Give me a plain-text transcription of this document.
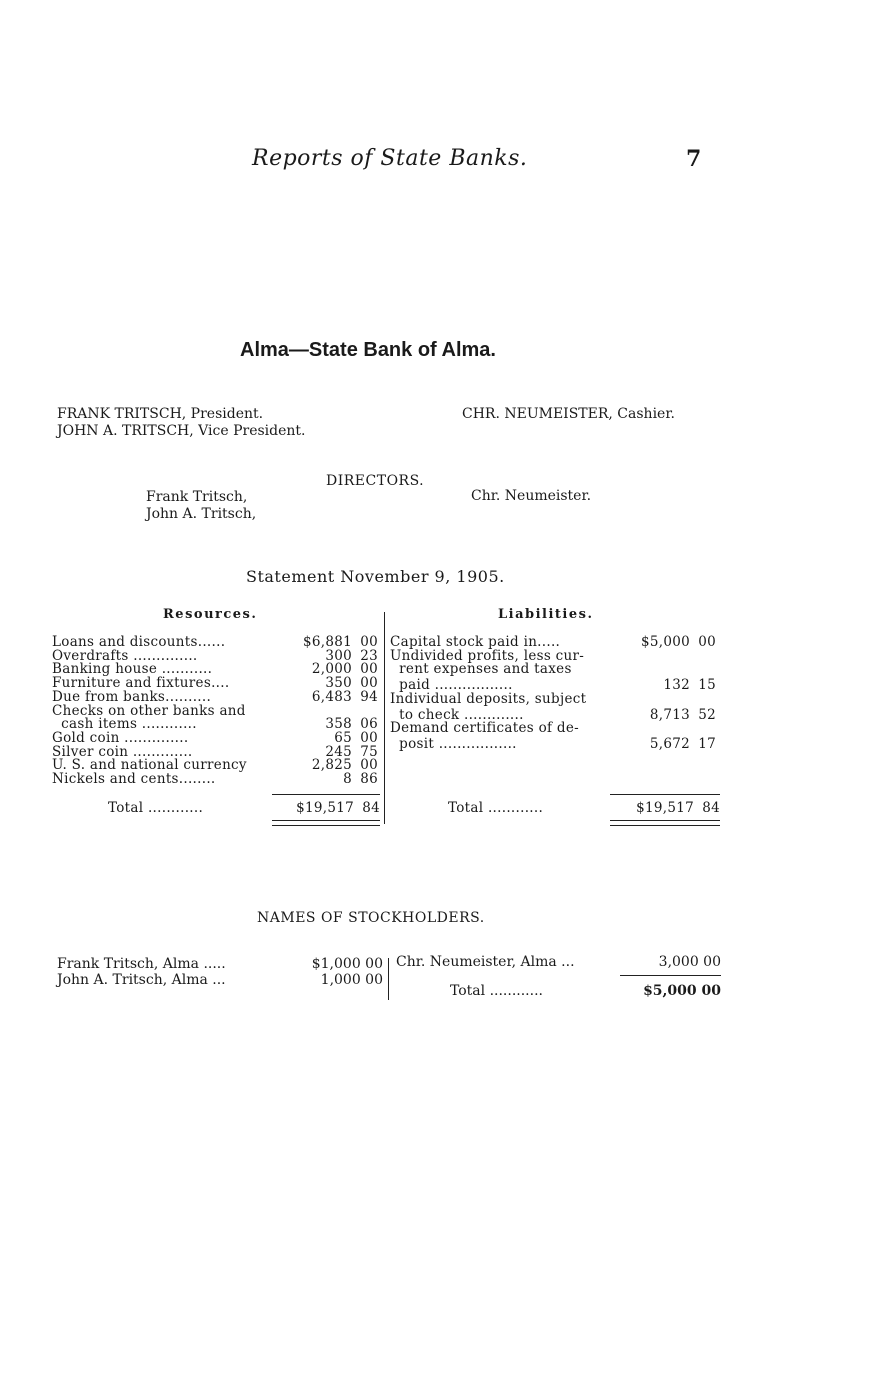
Reports of State Banks.	7
Alma—State Bank of Alma.
FRANK TRITSCH, President.
JOHN A. TRITSCH, Vice President.
CHR. NEUMEISTER, Cashier.
DIRECTORS.
Frank Tritsch,
John A. Tritsch,
Chr. Neumeister.
Statement November 9, 1905.
Resources.	Liabilities.
Loans and discounts......	$6,881 00
Overdrafts ..............	300 23
Banking house ...........	2,000 00
Furniture and fixtures....	350 00
Due from banks..........	6,483 94
Checks on other banks and
cash items ............	358 06
Gold coin ..............	65 00
Silver coin .............	245 75
U. S. and national currency	2,825 00
Nickels and cents........	8 86
Total ............	$19,517 84
Capital stock paid in.....	$5,000 00
Undivided profits, less cur-
rent expenses and taxes
paid .................	132 15
Individual deposits, subject
to check .............	8,713 52
Demand certificates of de-
posit .................	5,672 17
Total ............	$19,517 84
NAMES OF STOCKHOLDERS.
Frank Tritsch, Alma .....	$1,000 00
John A. Tritsch, Alma ...	1,000 00
Chr. Neumeister, Alma ...	3,000 00
Total ............	$5,000 00
